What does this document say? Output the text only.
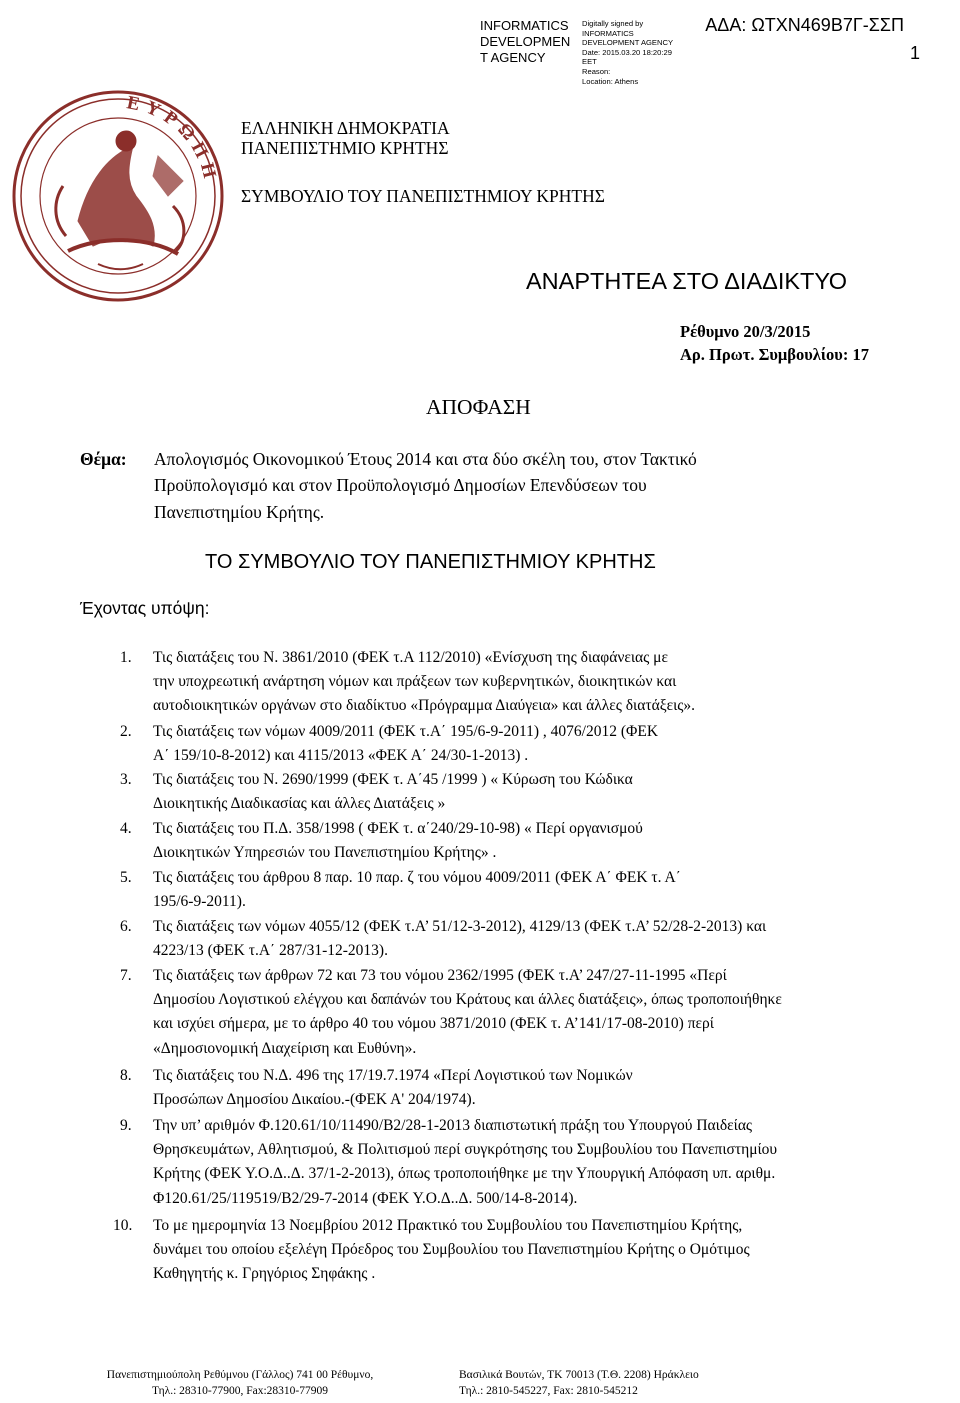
INFORMATICS
DEVELOPMEN
T AGENCY
Digitally signed by
INFORMATICS
DEVELOPMENT AGENCY
Date: 2015.03.20 18:20:29
EET
Reason:
Location: Athens
ΑΔΑ: ΩΤΧΝ469Β7Γ-ΣΣΠ
1
ΕΥΡΩΠΗ
ΕΛΛΗΝΙΚΗ ΔΗΜΟΚΡΑΤΙΑ
ΠΑΝΕΠΙΣΤΗΜΙΟ ΚΡΗΤΗΣ
ΣΥΜΒΟΥΛΙΟ ΤΟΥ ΠΑΝΕΠΙΣΤΗΜΙΟΥ ΚΡΗΤΗΣ
ΑΝΑΡΤΗΤΕΑ ΣΤΟ ΔΙΑΔΙΚΤΥΟ
Ρέθυμνο 20/3/2015
Αρ. Πρωτ. Συμβουλίου: 17
ΑΠΟΦΑΣΗ
Θέμα: Απολογισμός Οικονομικού Έτους 2014 και στα δύο σκέλη του, στον Τακτικό
Προϋπολογισμό και στον Προϋπολογισμό Δημοσίων Επενδύσεων του
Πανεπιστημίου Κρήτης.
ΤΟ ΣΥΜΒΟΥΛΙΟ ΤΟΥ ΠΑΝΕΠΙΣΤΗΜΙΟΥ ΚΡΗΤΗΣ
Έχοντας υπόψη:
1. Τις διατάξεις του Ν. 3861/2010 (ΦΕΚ τ.Α 112/2010) «Ενίσχυση της διαφάνειας με
την υποχρεωτική ανάρτηση νόμων και πράξεων των κυβερνητικών, διοικητικών και
αυτοδιοικητικών οργάνων στο διαδίκτυο «Πρόγραμμα Διαύγεια» και άλλες διατάξεις».
2. Τις διατάξεις των νόμων 4009/2011 (ΦΕΚ τ.Α΄ 195/6-9-2011) , 4076/2012 (ΦΕΚ
Α΄ 159/10-8-2012) και 4115/2013 «ΦΕΚ Α΄ 24/30-1-2013) .
3. Τις διατάξεις του Ν. 2690/1999 (ΦΕΚ τ. Α΄45 /1999 ) « Κύρωση του Κώδικα
Διοικητικής Διαδικασίας και άλλες Διατάξεις »
4. Τις διατάξεις του Π.Δ. 358/1998 ( ΦΕΚ τ. α΄240/29-10-98) « Περί οργανισμού
Διοικητικών Υπηρεσιών του Πανεπιστημίου Κρήτης» .
5. Τις διατάξεις του άρθρου 8 παρ. 10 παρ. ζ του νόμου 4009/2011 (ΦΕΚ Α΄ ΦΕΚ τ. Α΄
195/6-9-2011).
6. Τις διατάξεις των νόμων 4055/12 (ΦΕΚ τ.Α’ 51/12-3-2012), 4129/13 (ΦΕΚ τ.Α’ 52/28-2-2013) και
4223/13 (ΦΕΚ τ.Α΄ 287/31-12-2013).
7. Τις διατάξεις των άρθρων 72 και 73 του νόμου 2362/1995 (ΦΕΚ τ.Α’ 247/27-11-1995 «Περί
Δημοσίου Λογιστικού ελέγχου και δαπάνών του Κράτους και άλλες διατάξεις», όπως τροποποιήθηκε
και ισχύει σήμερα, με το άρθρο 40 του νόμου 3871/2010 (ΦΕΚ τ. Α’141/17-08-2010) περί
«Δημοσιονομική Διαχείριση και Ευθύνη».
8. Τις διατάξεις του Ν.Δ. 496 της 17/19.7.1974 «Περί Λογιστικού των Νομικών
Προσώπων Δημοσίου Δικαίου.-(ΦΕΚ Α' 204/1974).
9. Την υπ’ αριθμόν Φ.120.61/10/11490/Β2/28-1-2013 διαπιστωτική πράξη του Υπουργού Παιδείας
Θρησκευμάτων, Αθλητισμού, & Πολιτισμού περί συγκρότησης του Συμβουλίου του Πανεπιστημίου
Κρήτης (ΦΕΚ Υ.Ο.Δ..Δ. 37/1-2-2013), όπως τροποποιήθηκε με την Υπουργική Απόφαση υπ. αριθμ.
Φ120.61/25/119519/Β2/29-7-2014 (ΦΕΚ Υ.Ο.Δ..Δ. 500/14-8-2014).
10. Το με ημερομηνία 13 Νοεμβρίου 2012 Πρακτικό του Συμβουλίου του Πανεπιστημίου Κρήτης,
δυνάμει του οποίου εξελέγη Πρόεδρος του Συμβουλίου του Πανεπιστημίου Κρήτης ο Ομότιμος
Καθηγητής κ. Γρηγόριος Σηφάκης .
Πανεπιστημιούπολη Ρεθύμνου (Γάλλος) 741 00 Ρέθυμνο,
Τηλ.: 28310-77900, Fax:28310-77909
Βασιλικά Βουτών, ΤΚ 70013 (Τ.Θ. 2208) Ηράκλειο
Τηλ.: 2810-545227, Fax: 2810-545212
